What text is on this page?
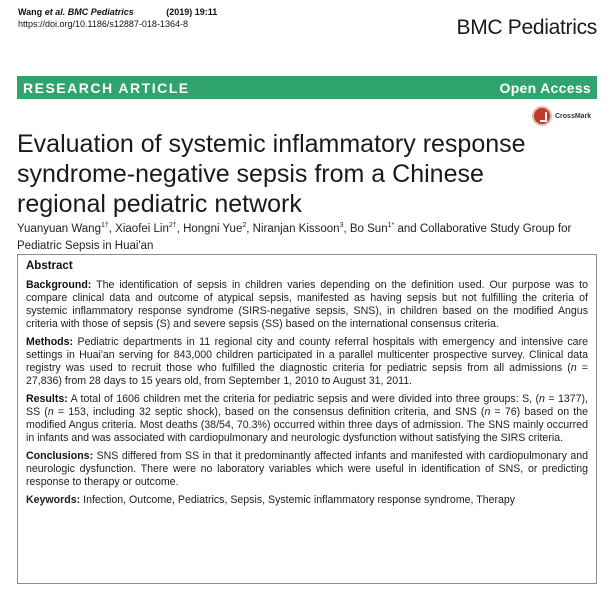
Wang et al. BMC Pediatrics	(2019) 19:11
https://doi.org/10.1186/s12887-018-1364-8	BMC Pediatrics
RESEARCH ARTICLE	Open Access
Evaluation of systemic inflammatory response syndrome-negative sepsis from a Chinese regional pediatric network
CrossMark
Yuanyuan Wang$^{1\dagger}$, Xiaofei Lin$^{2\dagger}$, Hongni Yue$^2$, Niranjan Kissoon$^3$, Bo Sun$^{1*}$ and Collaborative Study Group for Pediatric Sepsis in Huai'an
Abstract

Background: The identification of sepsis in children varies depending on the definition used. Our purpose was to compare clinical data and outcome of atypical sepsis, manifested as having sepsis but not fulfilling the criteria of systemic inflammatory response syndrome (SIRS-negative sepsis, SNS), in children based on the modified Angus criteria with those of sepsis (S) and severe sepsis (SS) based on the international consensus criteria.

Methods: Pediatric departments in 11 regional city and county referral hospitals with emergency and intensive care settings in Huai'an serving for 843,000 children participated in a parallel multicenter prospective survey. Clinical data registry was used to recruit those who fulfilled the diagnostic criteria for pediatric sepsis from all admissions (n = 27,836) from 28 days to 15 years old, from September 1, 2010 to August 31, 2011.

Results: A total of 1606 children met the criteria for pediatric sepsis and were divided into three groups: S, (n = 1377), SS (n = 153, including 32 septic shock), based on the consensus definition criteria, and SNS (n = 76) based on the modified Angus criteria. Most deaths (38/54, 70.3%) occurred within three days of admission. The SNS mainly occurred in infants and was associated with cardiopulmonary and neurologic dysfunction without satisfying the SIRS criteria.

Conclusions: SNS differed from SS in that it predominantly affected infants and manifested with cardiopulmonary and neurologic dysfunction. There were no laboratory variables which were useful in identification of SNS, or predicting response to therapy or outcome.

Keywords: Infection, Outcome, Pediatrics, Sepsis, Systemic inflammatory response syndrome, Therapy
